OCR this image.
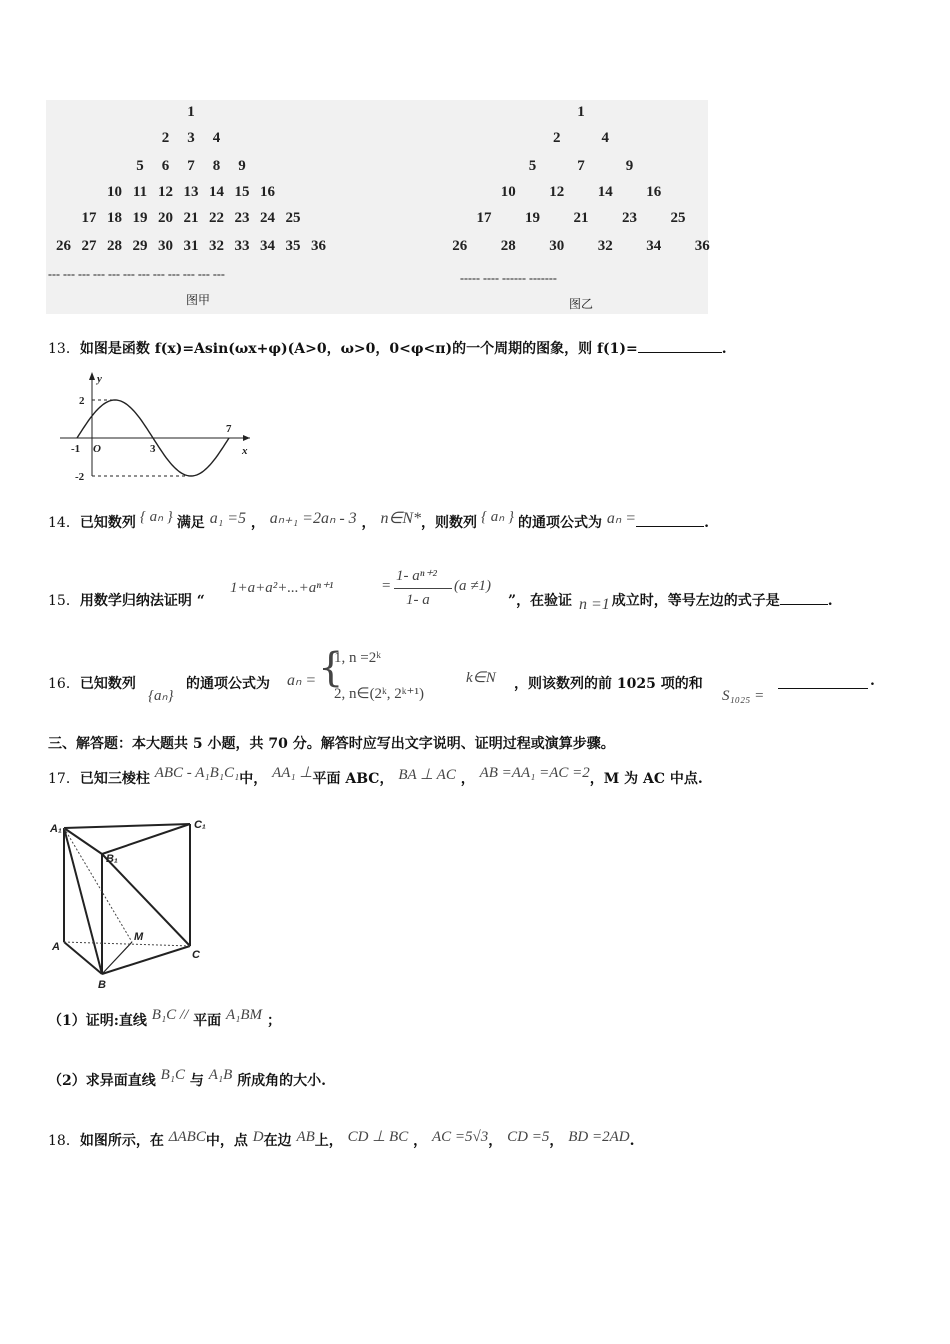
1
2 3 4
5 6 7 8 9
10 11 12 13 14 15 16
17 18 19 20 21 22 23 24 25
26 27 28 29 30 31 32 33 34 35 36
--- --- --- --- --- --- --- --- --- --- --- ---
图甲
1
2	4
5	7	9
10 12 14 16
17 19 21 23 25
26 28 30 32 34 36
----- ---- ------ -------
图乙
13．如图是函数 f(x)=Asin(ωx+φ)(A>0，ω>0，0<φ<π)的一个周期的图象，则 f(1)=	.
y
x
O
2
-1	3
7
-2
14．已知数列 { aₙ } 满足 a₁ =5 ， aₙ₊₁ =2aₙ - 3 ， n∈N*，则数列 { aₙ } 的通项公式为 aₙ =	.
15．用数学归纳法证明 “
1+a+a²+...+aⁿ⁺¹	=
1- aⁿ⁺²
1- a
(a ≠1)
”，在验证 n =1 成立时，等号左边的式子是	.
16．已知数列
{aₙ}
的通项公式为 aₙ = {
1, n =2ᵏ
2, n∈(2ᵏ, 2ᵏ⁺¹)
k∈N ，则该数列的前 1025 项的和
S₁₀₂₅ =
.
三、解答题：本大题共 5 小题，共 70 分。解答时应写出文字说明、证明过程或演算步骤。
17．已知三棱柱 ABC - A₁B₁C₁中， AA₁ ⊥平面 ABC， BA ⊥ AC ， AB =AA₁ =AC =2，M 为 AC 中点.
A₁	C₁
B₁
A
M
C
B
（1）证明:直线 B₁C // 平面 A₁BM ；
（2）求异面直线 B₁C 与 A₁B 所成角的大小.
18．如图所示，在 ΔABC中，点 D在边 AB上， CD ⊥ BC ， AC =5√3， CD =5， BD =2AD.
